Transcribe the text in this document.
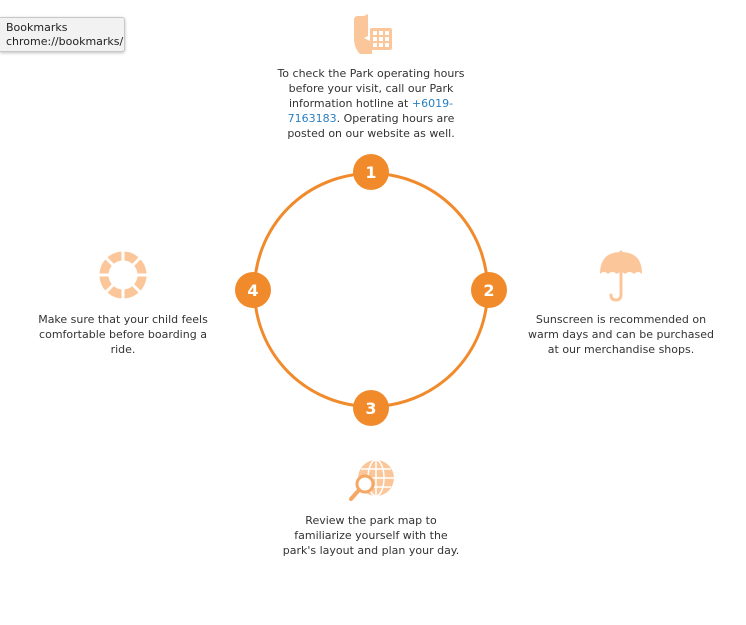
Bookmarks
chrome://bookmarks/
To check the Park operating hours before your visit, call our Park information hotline at +6019-7163183. Operating hours are posted on our website as well.
Sunscreen is recommended on warm days and can be purchased at our merchandise shops.
Review the park map to familiarize yourself with the park's layout and plan your day.
Make sure that your child feels comfortable before boarding a ride.
1
2
3
4
